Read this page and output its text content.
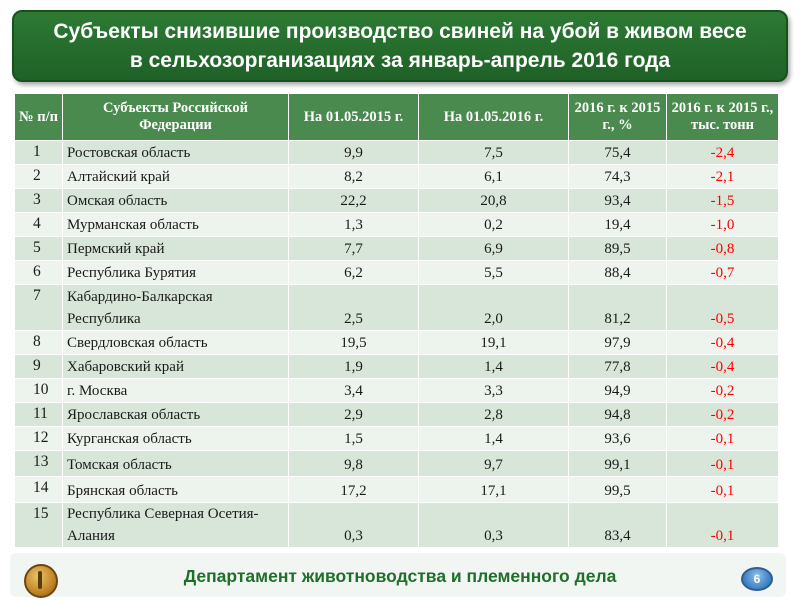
Субъекты снизившие производство свиней на убой в живом весе
в сельхозорганизациях за январь-апрель 2016 года
№ п/п	Субъекты Российской Федерации	На 01.05.2015 г.	На 01.05.2016 г.	2016 г. к 2015 г., %	2016 г. к 2015 г., тыс. тонн
1	Ростовская область	9,9	7,5	75,4	-2,4
2	Алтайский край	8,2	6,1	74,3	-2,1
3	Омская область	22,2	20,8	93,4	-1,5
4	Мурманская область	1,3	0,2	19,4	-1,0
5	Пермский край	7,7	6,9	89,5	-0,8
6	Республика Бурятия	6,2	5,5	88,4	-0,7
7	Кабардино-Балкарская Республика	2,5	2,0	81,2	-0,5
8	Свердловская область	19,5	19,1	97,9	-0,4
9	Хабаровский край	1,9	1,4	77,8	-0,4
10	г. Москва	3,4	3,3	94,9	-0,2
11	Ярославская область	2,9	2,8	94,8	-0,2
12	Курганская область	1,5	1,4	93,6	-0,1
13	Томская область	9,8	9,7	99,1	-0,1
14	Брянская область	17,2	17,1	99,5	-0,1
15	Республика Северная Осетия-Алания	0,3	0,3	83,4	-0,1
Департамент животноводства и племенного дела	6
